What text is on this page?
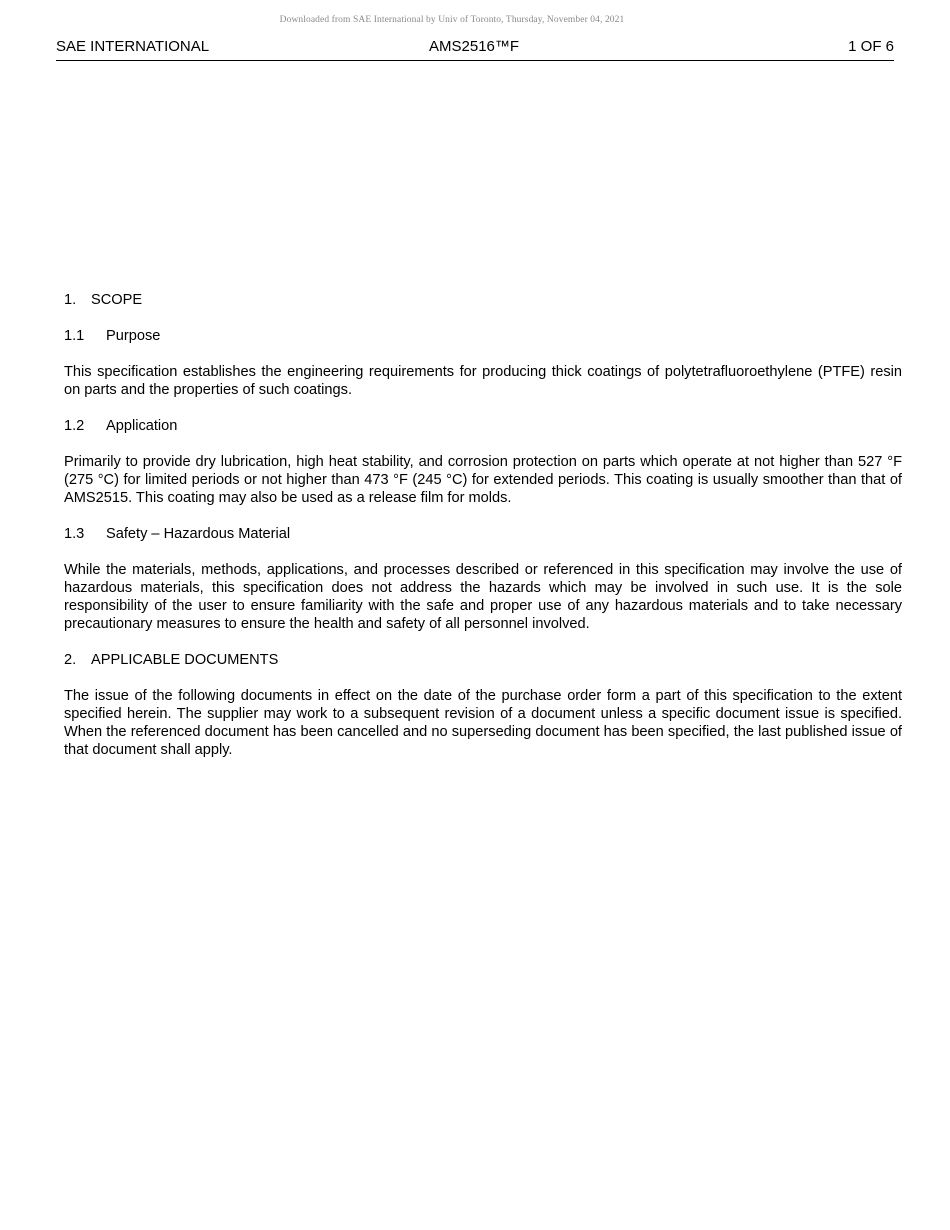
Downloaded from SAE International by Univ of Toronto, Thursday, November 04, 2021
SAE INTERNATIONAL	AMS2516™F	1 OF 6

1. SCOPE

1.1 Purpose

This specification establishes the engineering requirements for producing thick coatings of polytetrafluoroethylene (PTFE) resin on parts and the properties of such coatings.

1.2 Application

Primarily to provide dry lubrication, high heat stability, and corrosion protection on parts which operate at not higher than 527 °F (275 °C) for limited periods or not higher than 473 °F (245 °C) for extended periods. This coating is usually smoother than that of AMS2515. This coating may also be used as a release film for molds.

1.3 Safety – Hazardous Material

While the materials, methods, applications, and processes described or referenced in this specification may involve the use of hazardous materials, this specification does not address the hazards which may be involved in such use. It is the sole responsibility of the user to ensure familiarity with the safe and proper use of any hazardous materials and to take necessary precautionary measures to ensure the health and safety of all personnel involved.

2. APPLICABLE DOCUMENTS

The issue of the following documents in effect on the date of the purchase order form a part of this specification to the extent specified herein. The supplier may work to a subsequent revision of a document unless a specific document issue is specified. When the referenced document has been cancelled and no superseding document has been specified, the last published issue of that document shall apply.
